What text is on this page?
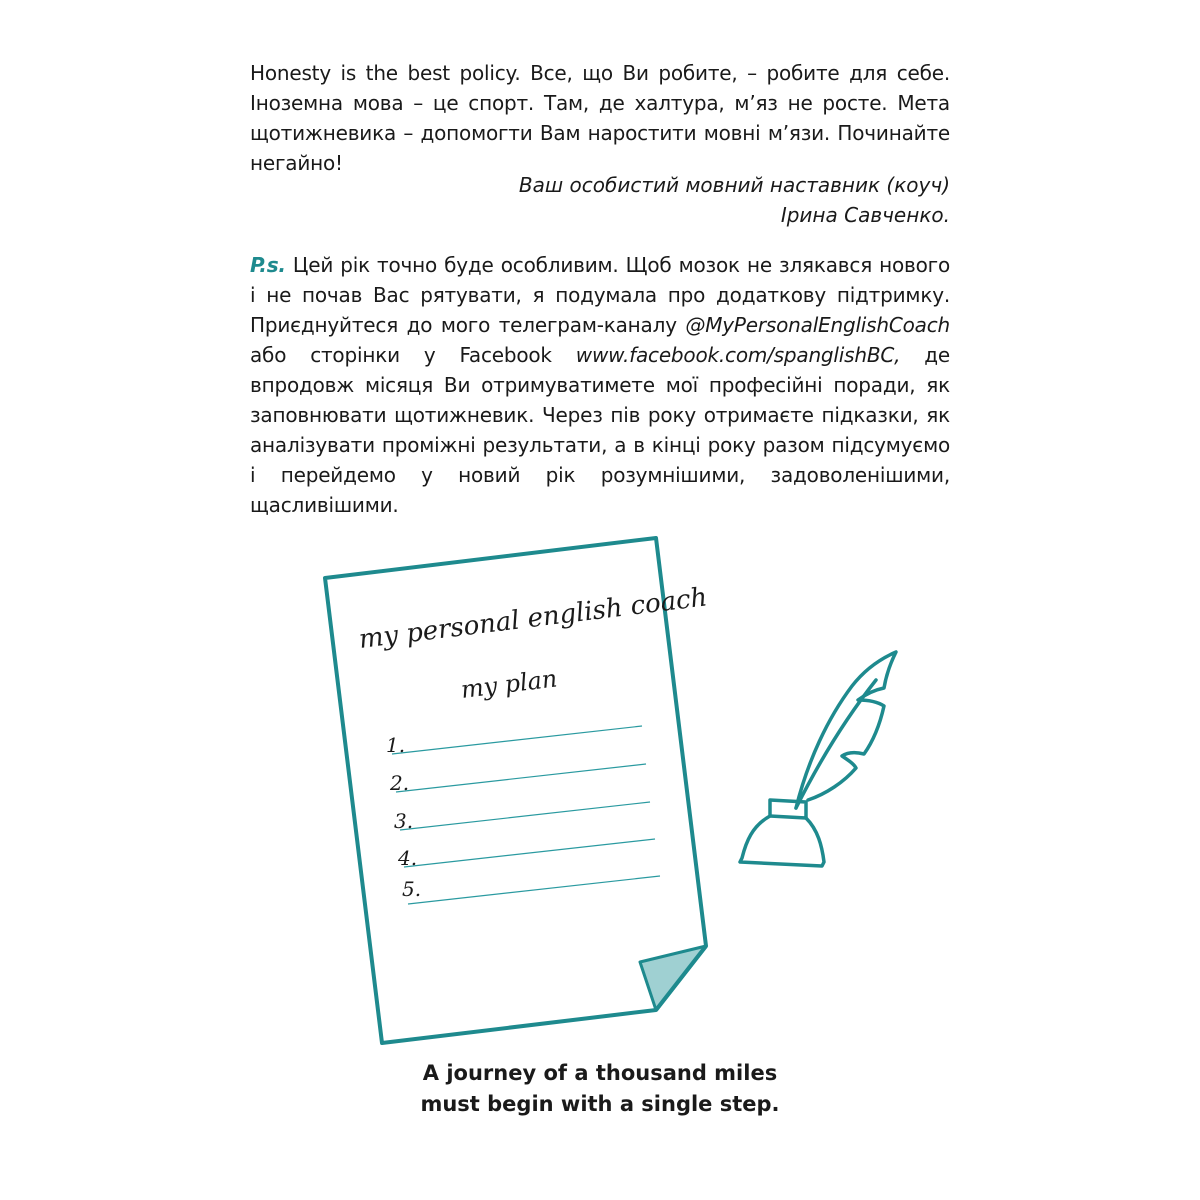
Honesty is the best policy. Все, що Ви робите, – робите для себе. Іноземна мова – це спорт. Там, де халтура, м’яз не росте. Мета щотижневика – допомогти Вам наростити мовні м’язи. Починайте негайно!
Ваш особистий мовний наставник (коуч)
Ірина Савченко.
P.s. Цей рік точно буде особливим. Щоб мозок не злякався нового і не почав Вас рятувати, я подумала про додаткову підтримку. Приєднуйтеся до мого телеграм-каналу @MyPersonalEnglishCoach або сторінки у Facebook www.facebook.com/spanglishBC, де впродовж місяця Ви отримуватимете мої професійні поради, як заповнювати щотижневик. Через пів року отримаєте підказки, як аналізувати проміжні результати, а в кінці року разом підсумуємо і перейдемо у новий рік розумнішими, задоволенішими, щасливішими.
my personal english coach
my plan
1.
2.
3.
4.
5.
A journey of a thousand miles
must begin with a single step.
